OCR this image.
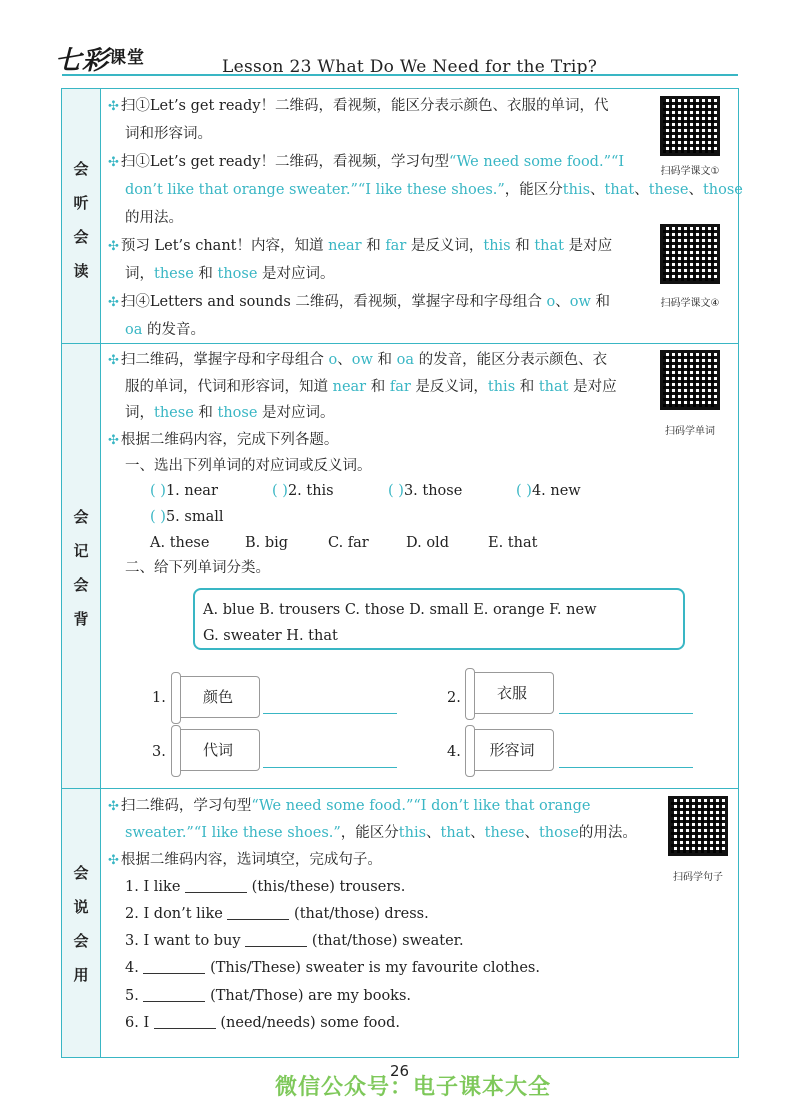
七彩$^{课堂}$	Lesson 23 What Do We Need for the Trip?
会
听
会
读
会
记
会
背
会
说
会
用
✣ 扫①Let’s get ready！二维码，看视频，能区分表示颜色、衣服的单词，代
词和形容词。
✣ 扫①Let’s get ready！二维码，看视频，学习句型“We need some food.”“I
don’t like that orange sweater.”“I like these shoes.”，能区分this、that、these、those
的用法。
✣ 预习 Let’s chant！内容，知道 near 和 far 是反义词，this 和 that 是对应
词，these 和 those 是对应词。
✣ 扫④Letters and sounds 二维码，看视频，掌握字母和字母组合 o、ow 和
oa 的发音。
扫码学课文①
扫码学课文④
✣ 扫二维码，掌握字母和字母组合 o、ow 和 oa 的发音，能区分表示颜色、衣
服的单词，代词和形容词，知道 near 和 far 是反义词，this 和 that 是对应
词，these 和 those 是对应词。
✣ 根据二维码内容，完成下列各题。
一、选出下列单词的对应词或反义词。
( )1. near	( )2. this	( )3. those	( )4. new
( )5. small
A. these B. big	C. far	D. old	E. that
二、给下列单词分类。
A. blue B. trousers C. those D. small E. orange F. new
G. sweater H. that
1.	颜色	2.	衣服
3.	代词	4.	形容词
扫码学单词
✣ 扫二维码，学习句型“We need some food.”“I don’t like that orange
sweater.”“I like these shoes.”，能区分this、that、these、those的用法。
✣ 根据二维码内容，选词填空，完成句子。
1. I like	(this/these) trousers.
2. I don’t like	(that/those) dress.
3. I want to buy	(that/those) sweater.
4.	(This/These) sweater is my favourite clothes.
5.	(That/Those) are my books.
6. I	(need/needs) some food.
扫码学句子
26
微信公众号：电子课本大全
